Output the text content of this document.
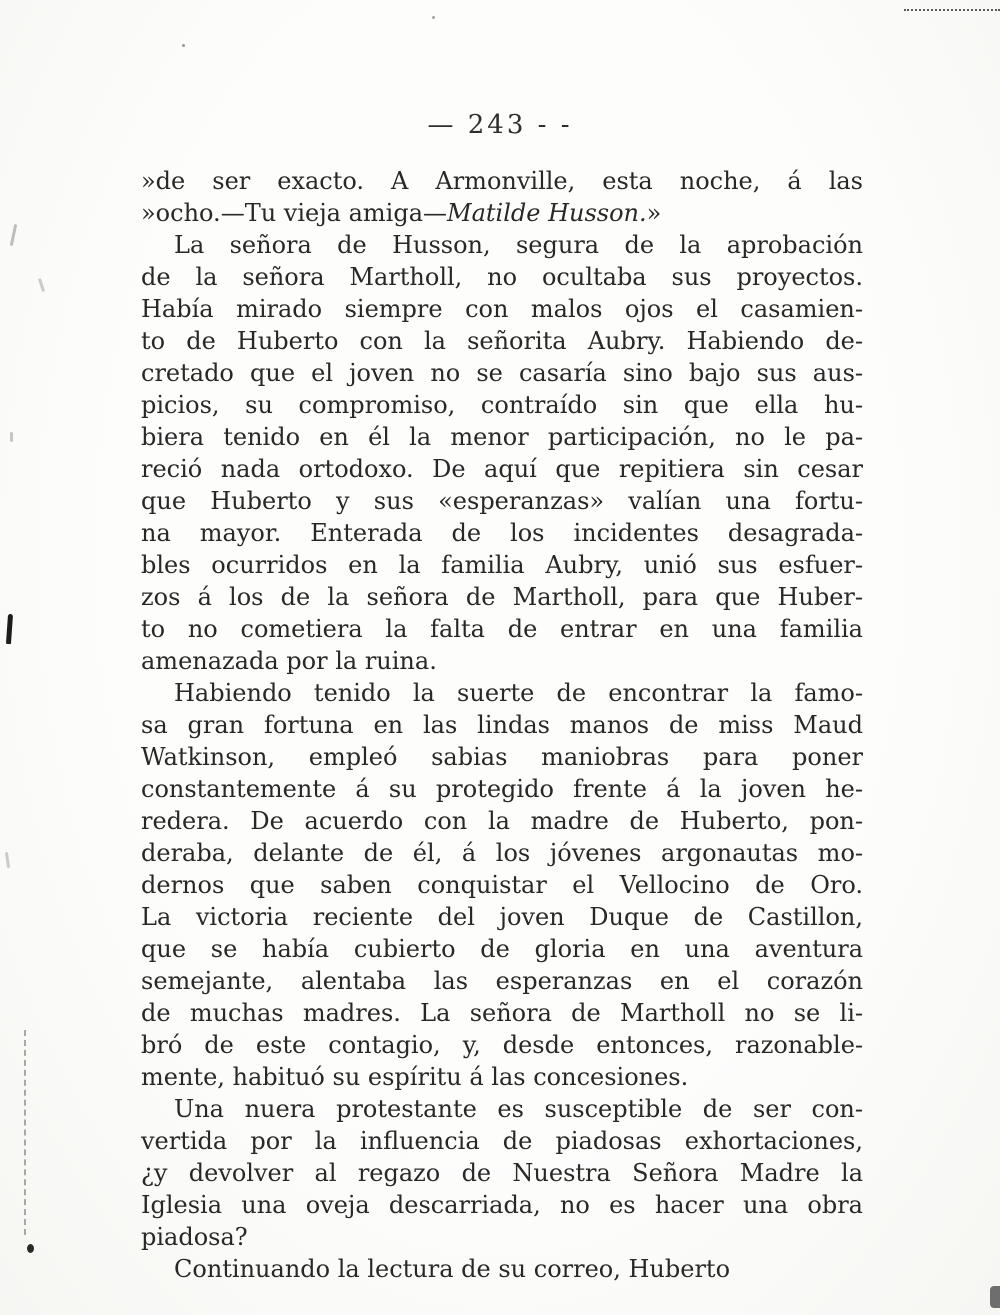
— 243 - -
»de ser exacto. A Armonville, esta noche, á las
»ocho.—Tu vieja amiga—Matilde Husson.»
La señora de Husson, segura de la aprobación
de la señora Martholl, no ocultaba sus proyectos.
Había mirado siempre con malos ojos el casamien-
to de Huberto con la señorita Aubry. Habiendo de-
cretado que el joven no se casaría sino bajo sus aus-
picios, su compromiso, contraído sin que ella hu-
biera tenido en él la menor participación, no le pa-
reció nada ortodoxo. De aquí que repitiera sin cesar
que Huberto y sus «esperanzas» valían una fortu-
na mayor. Enterada de los incidentes desagrada-
bles ocurridos en la familia Aubry, unió sus esfuer-
zos á los de la señora de Martholl, para que Huber-
to no cometiera la falta de entrar en una familia
amenazada por la ruina.
Habiendo tenido la suerte de encontrar la famo-
sa gran fortuna en las lindas manos de miss Maud
Watkinson, empleó sabias maniobras para poner
constantemente á su protegido frente á la joven he-
redera. De acuerdo con la madre de Huberto, pon-
deraba, delante de él, á los jóvenes argonautas mo-
dernos que saben conquistar el Vellocino de Oro.
La victoria reciente del joven Duque de Castillon,
que se había cubierto de gloria en una aventura
semejante, alentaba las esperanzas en el corazón
de muchas madres. La señora de Martholl no se li-
bró de este contagio, y, desde entonces, razonable-
mente, habituó su espíritu á las concesiones.
Una nuera protestante es susceptible de ser con-
vertida por la influencia de piadosas exhortaciones,
¿y devolver al regazo de Nuestra Señora Madre la
Iglesia una oveja descarriada, no es hacer una obra
piadosa?
Continuando la lectura de su correo, Huberto
